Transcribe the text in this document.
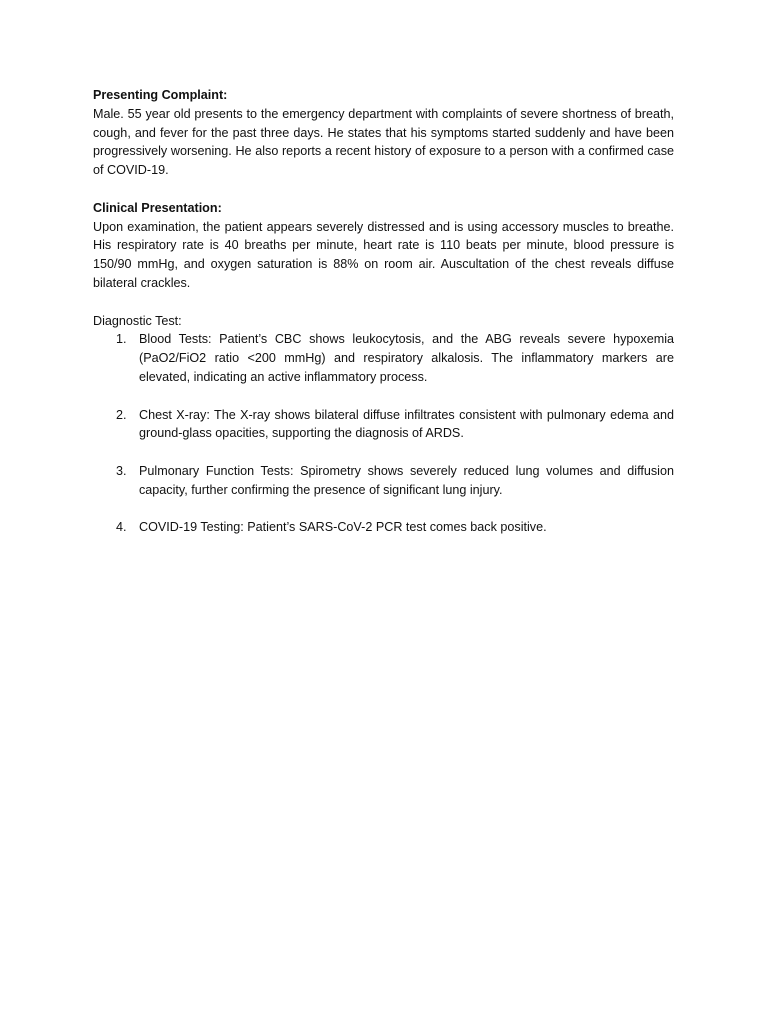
Presenting Complaint:

Male. 55 year old presents to the emergency department with complaints of severe shortness of breath, cough, and fever for the past three days. He states that his symptoms started suddenly and have been progressively worsening. He also reports a recent history of exposure to a person with a confirmed case of COVID-19.

Clinical Presentation:

Upon examination, the patient appears severely distressed and is using accessory muscles to breathe. His respiratory rate is 40 breaths per minute, heart rate is 110 beats per minute, blood pressure is 150/90 mmHg, and oxygen saturation is 88% on room air. Auscultation of the chest reveals diffuse bilateral crackles.

Diagnostic Test:

1. Blood Tests: Patient’s CBC shows leukocytosis, and the ABG reveals severe hypoxemia (PaO2/FiO2 ratio <200 mmHg) and respiratory alkalosis. The inflammatory markers are elevated, indicating an active inflammatory process.
2. Chest X-ray: The X-ray shows bilateral diffuse infiltrates consistent with pulmonary edema and ground-glass opacities, supporting the diagnosis of ARDS.
3. Pulmonary Function Tests: Spirometry shows severely reduced lung volumes and diffusion capacity, further confirming the presence of significant lung injury.
4. COVID-19 Testing: Patient’s SARS-CoV-2 PCR test comes back positive.
